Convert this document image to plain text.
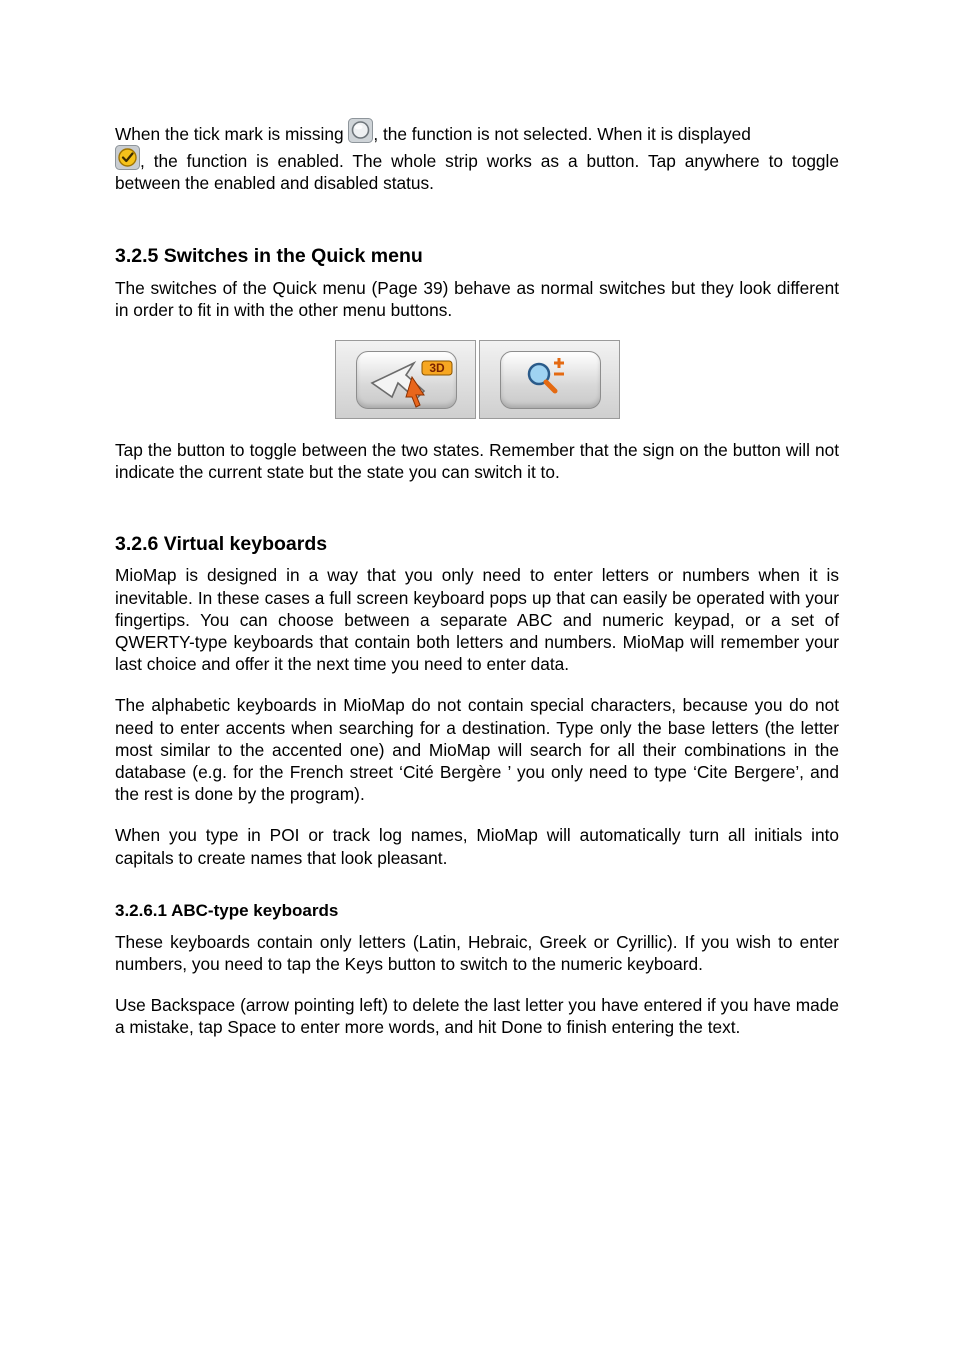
When the tick mark is missing
, the function is not selected. When it is displayed

, the function is enabled. The whole strip works as a button. Tap anywhere to toggle between the enabled and disabled status.

3.2.5 Switches in the Quick menu

The switches of the Quick menu (Page 39) behave as normal switches but they look different in order to fit in with the other menu buttons.

3D

Tap the button to toggle between the two states. Remember that the sign on the button will not indicate the current state but the state you can switch it to.

3.2.6 Virtual keyboards

MioMap is designed in a way that you only need to enter letters or numbers when it is inevitable. In these cases a full screen keyboard pops up that can easily be operated with your fingertips. You can choose between a separate ABC and numeric keypad, or a set of QWERTY-type keyboards that contain both letters and numbers. MioMap will remember your last choice and offer it the next time you need to enter data.

The alphabetic keyboards in MioMap do not contain special characters, because you do not need to enter accents when searching for a destination. Type only the base letters (the letter most similar to the accented one) and MioMap will search for all their combinations in the database (e.g. for the French street ‘Cité Bergère ’ you only need to type ‘Cite Bergere’, and the rest is done by the program).

When you type in POI or track log names, MioMap will automatically turn all initials into capitals to create names that look pleasant.

3.2.6.1 ABC-type keyboards

These keyboards contain only letters (Latin, Hebraic, Greek or Cyrillic). If you wish to enter numbers, you need to tap the Keys button to switch to the numeric keyboard.

Use Backspace (arrow pointing left) to delete the last letter you have entered if you have made a mistake, tap Space to enter more words, and hit Done to finish entering the text.
